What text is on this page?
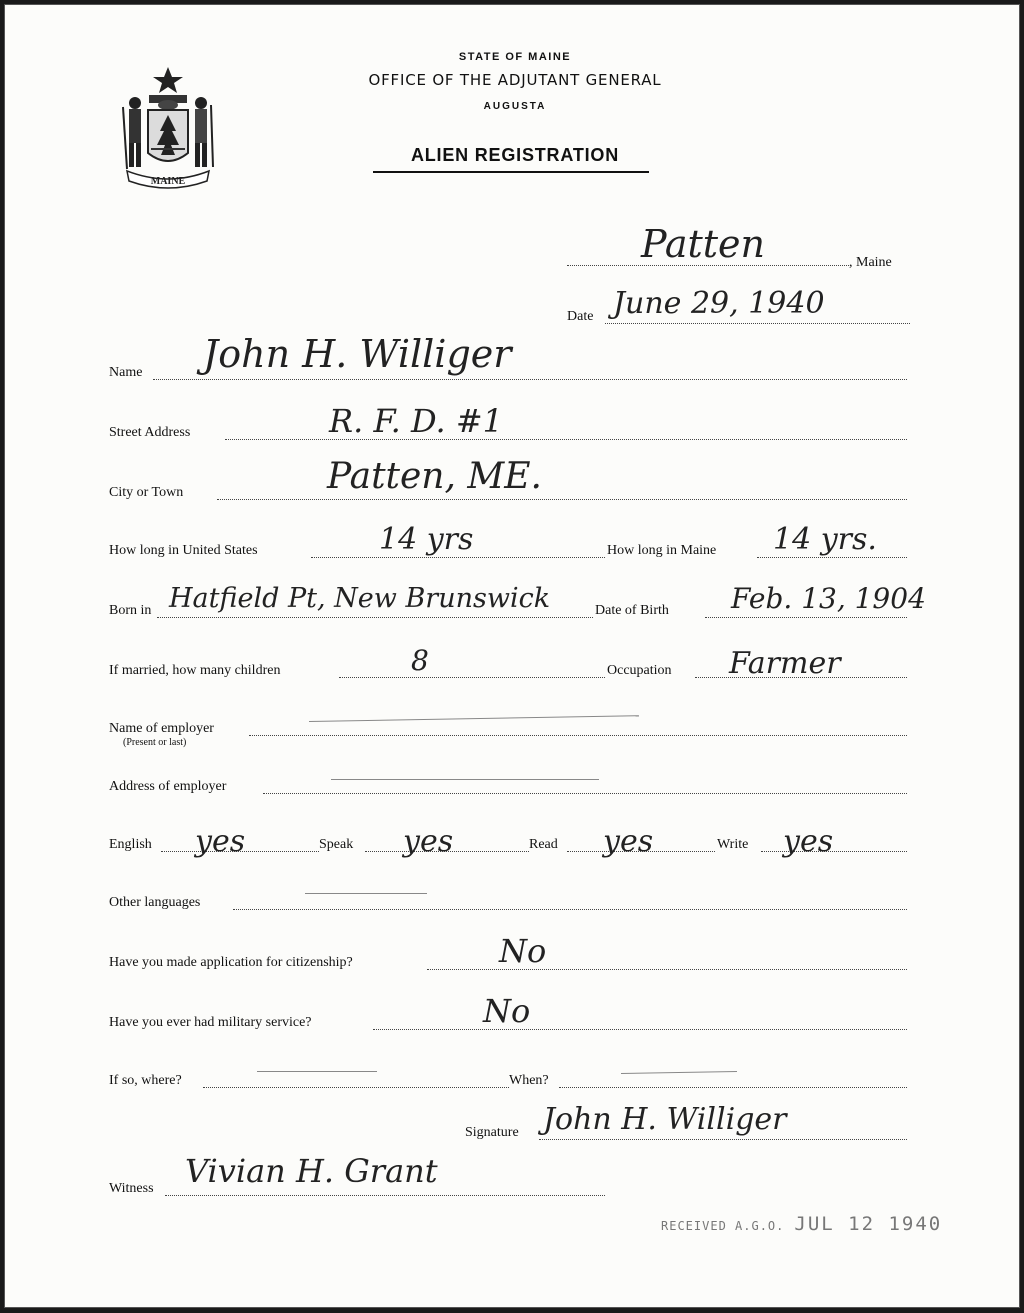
MAINE
STATE OF MAINE
OFFICE OF THE ADJUTANT GENERAL
AUGUSTA
ALIEN REGISTRATION
Patten	, Maine
Date June 29, 1940
Name John H. Williger
Street Address	R. F. D. #1
City or Town	Patten, ME.
How long in United States	14 yrs	How long in Maine 14 yrs.
Born in Hatfield Pt, New Brunswick	Date of Birth Feb. 13, 1904
If married, how many children	8	Occupation Farmer
Name of employer
(Present or last)
Address of employer
English yes	Speak yes	Read yes	Write yes
Other languages
Have you made application for citizenship?	No
Have you ever had military service?	No
If so, where?	When?
Signature John H. Williger
Witness Vivian H. Grant
RECEIVED A.G.O. JUL 12 1940
